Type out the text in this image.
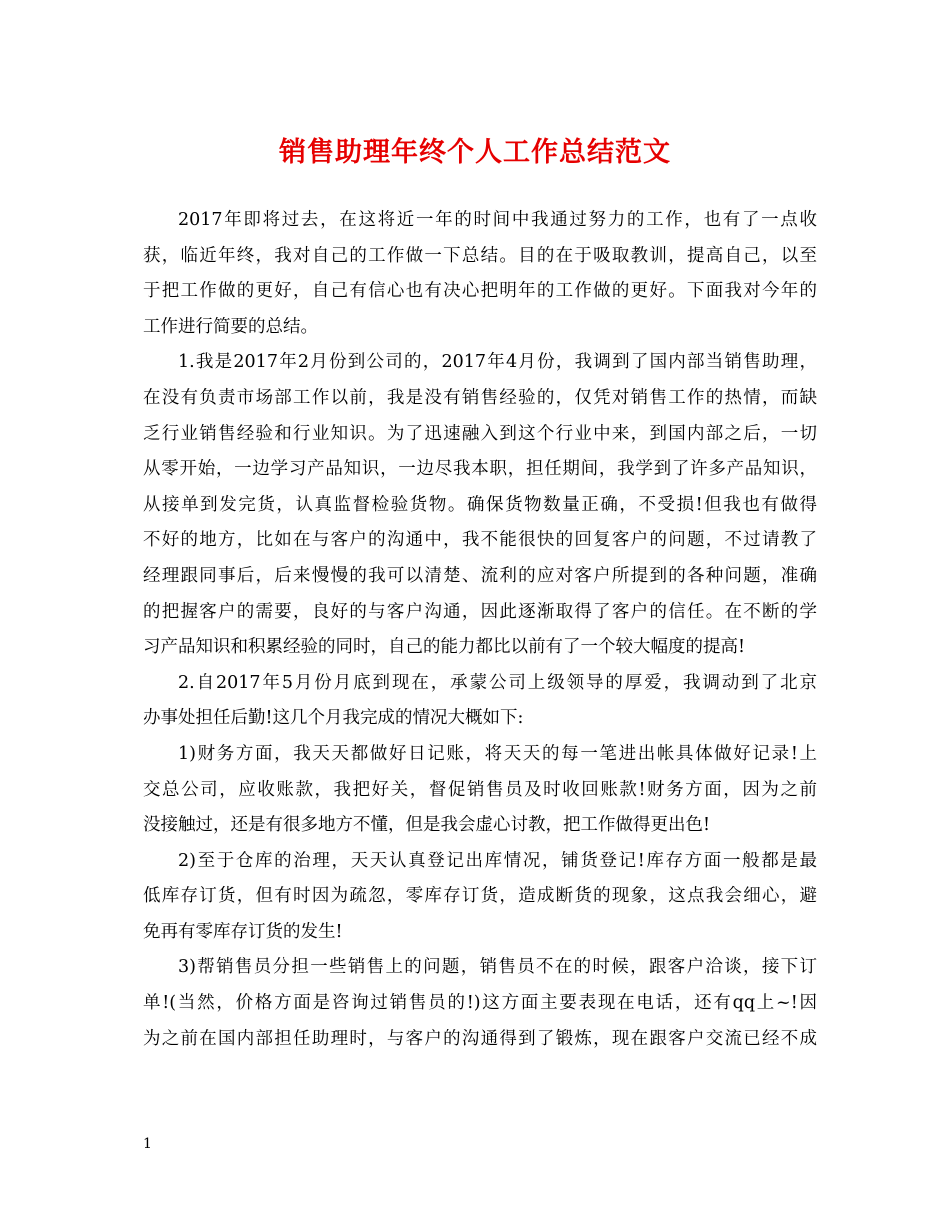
销售助理年终个人工作总结范文
2017年即将过去，在这将近一年的时间中我通过努力的工作，也有了一点收
获，临近年终，我对自己的工作做一下总结。目的在于吸取教训，提高自己，以至
于把工作做的更好，自己有信心也有决心把明年的工作做的更好。下面我对今年的
工作进行简要的总结。
1.我是2017年2月份到公司的，2017年4月份，我调到了国内部当销售助理，
在没有负责市场部工作以前，我是没有销售经验的，仅凭对销售工作的热情，而缺
乏行业销售经验和行业知识。为了迅速融入到这个行业中来，到国内部之后，一切
从零开始，一边学习产品知识，一边尽我本职，担任期间，我学到了许多产品知识，
从接单到发完货，认真监督检验货物。确保货物数量正确，不受损!但我也有做得
不好的地方，比如在与客户的沟通中，我不能很快的回复客户的问题，不过请教了
经理跟同事后，后来慢慢的我可以清楚、流利的应对客户所提到的各种问题，准确
的把握客户的需要，良好的与客户沟通，因此逐渐取得了客户的信任。在不断的学
习产品知识和积累经验的同时，自己的能力都比以前有了一个较大幅度的提高!
2.自2017年5月份月底到现在，承蒙公司上级领导的厚爱，我调动到了北京
办事处担任后勤!这几个月我完成的情况大概如下:
1)财务方面，我天天都做好日记账，将天天的每一笔进出帐具体做好记录!上
交总公司，应收账款，我把好关，督促销售员及时收回账款!财务方面，因为之前
没接触过，还是有很多地方不懂，但是我会虚心讨教，把工作做得更出色!
2)至于仓库的治理，天天认真登记出库情况，铺货登记!库存方面一般都是最
低库存订货，但有时因为疏忽，零库存订货，造成断货的现象，这点我会细心，避
免再有零库存订货的发生!
3)帮销售员分担一些销售上的问题，销售员不在的时候，跟客户洽谈，接下订
单!(当然，价格方面是咨询过销售员的!)这方面主要表现在电话，还有qq上~!因
为之前在国内部担任助理时，与客户的沟通得到了锻炼，现在跟客户交流已经不成
1
